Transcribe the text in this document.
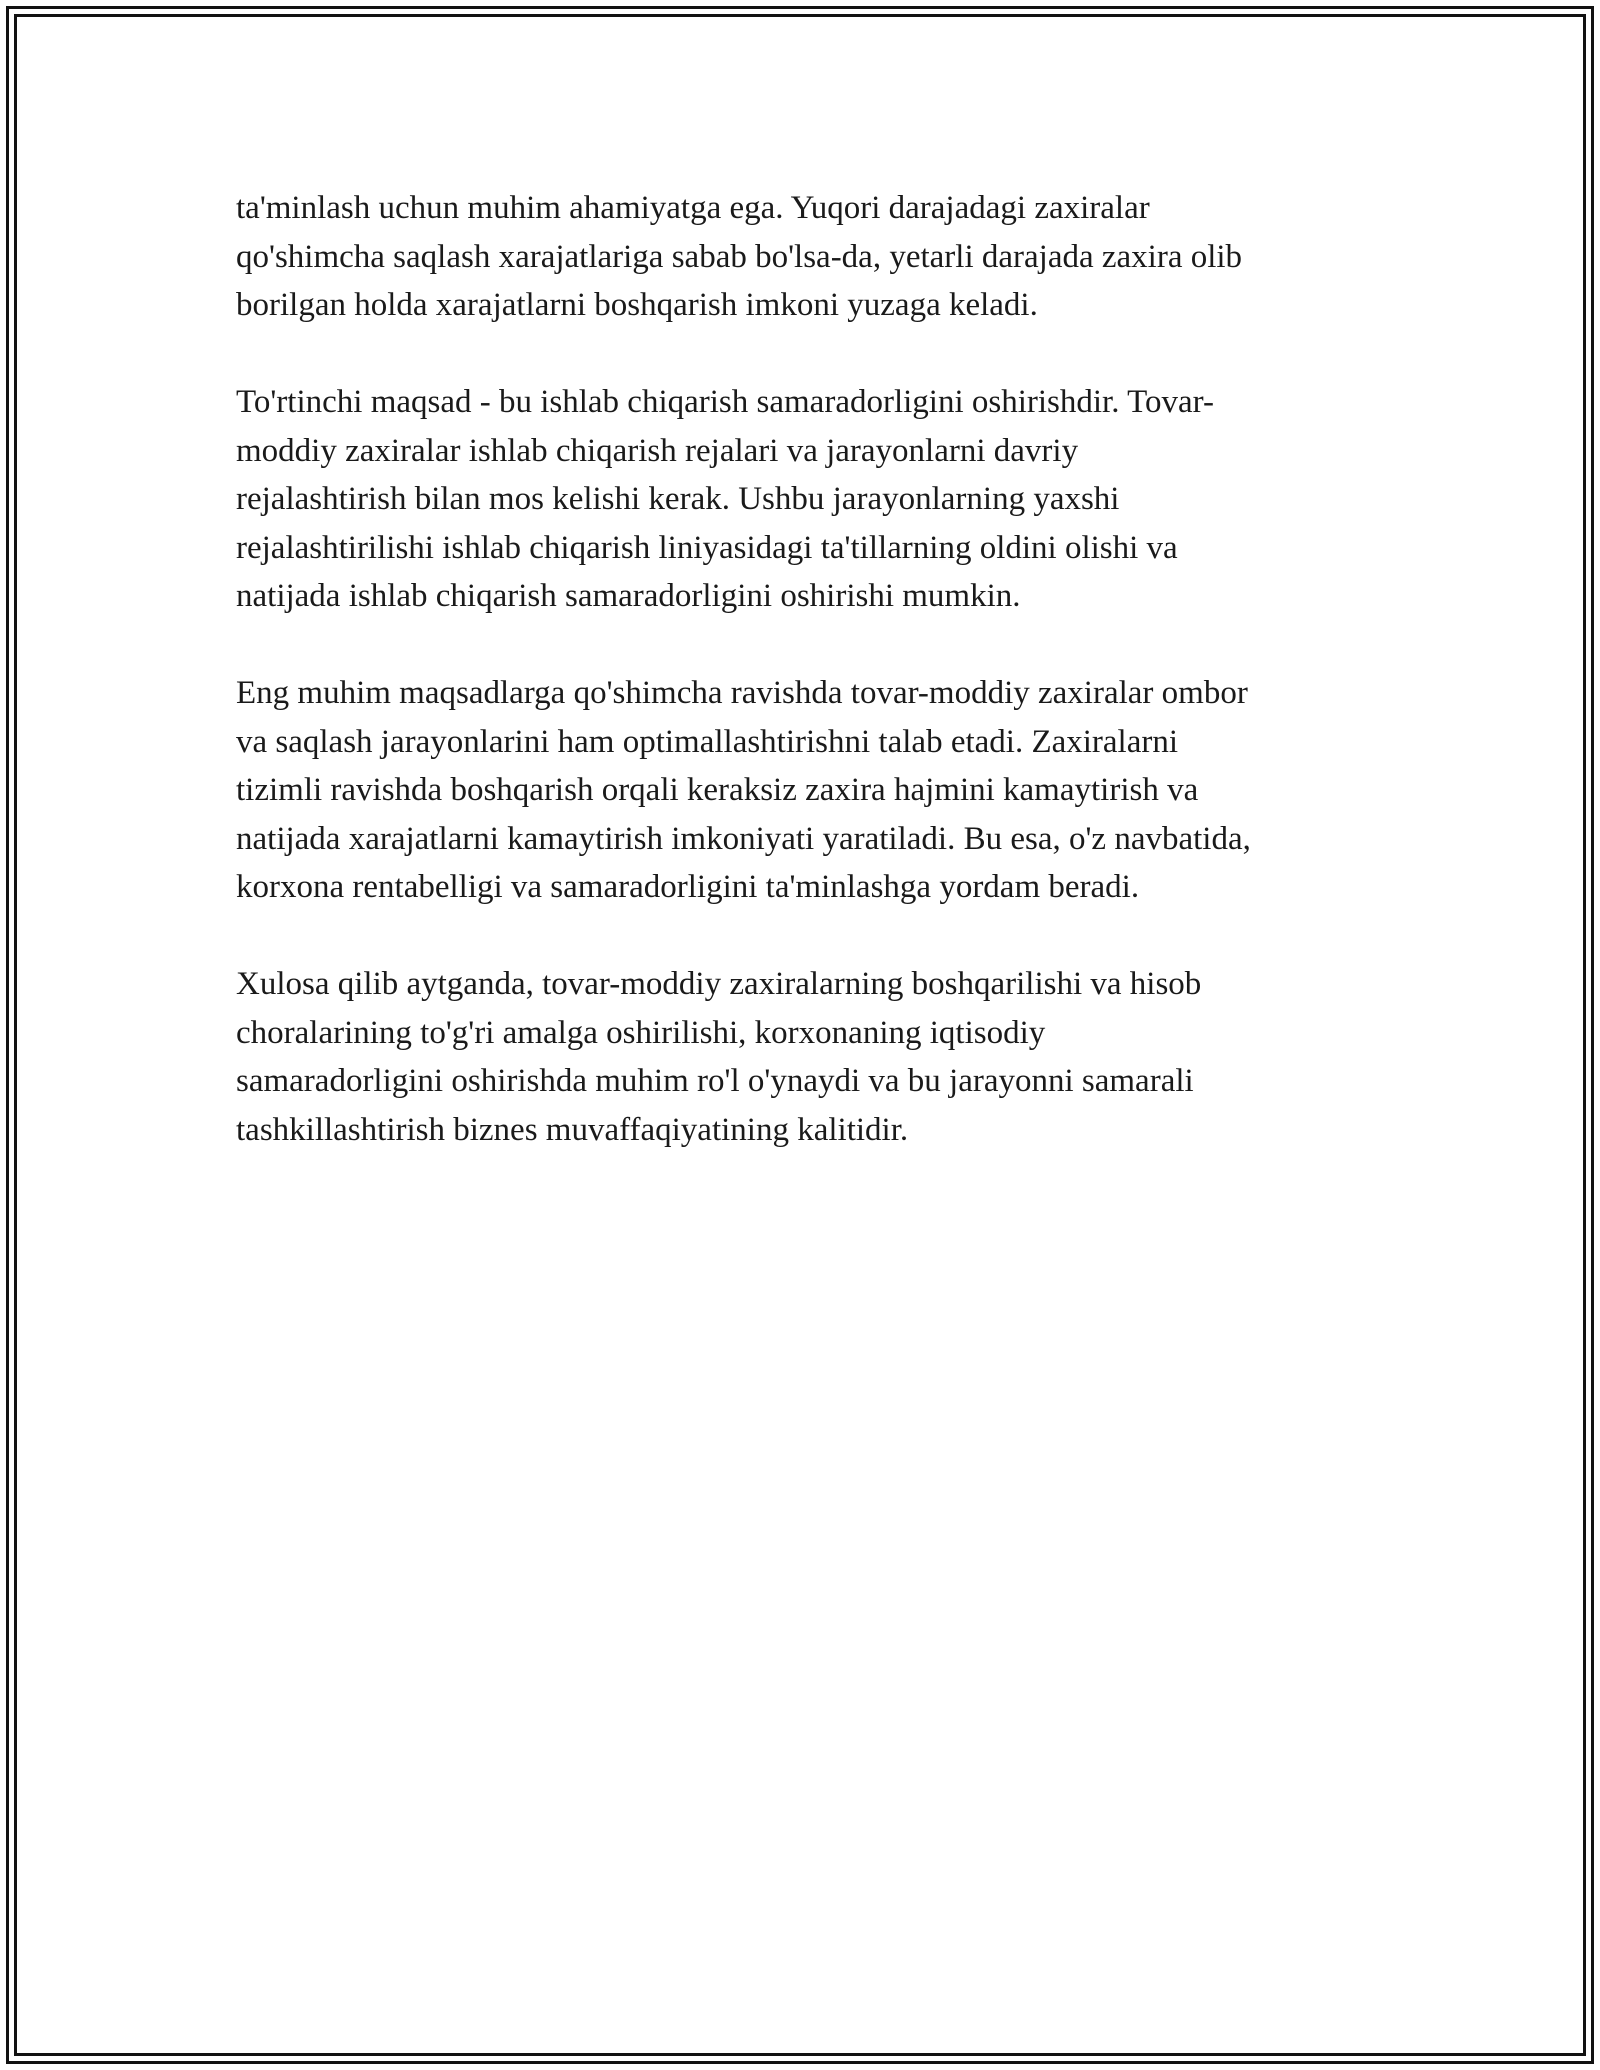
ta'minlash uchun muhim ahamiyatga ega. Yuqori darajadagi zaxiralar
qo'shimcha saqlash xarajatlariga sabab bo'lsa-da, yetarli darajada zaxira olib
borilgan holda xarajatlarni boshqarish imkoni yuzaga keladi.

To'rtinchi maqsad - bu ishlab chiqarish samaradorligini oshirishdir. Tovar-
moddiy zaxiralar ishlab chiqarish rejalari va jarayonlarni davriy
rejalashtirish bilan mos kelishi kerak. Ushbu jarayonlarning yaxshi
rejalashtirilishi ishlab chiqarish liniyasidagi ta'tillarning oldini olishi va
natijada ishlab chiqarish samaradorligini oshirishi mumkin.

Eng muhim maqsadlarga qo'shimcha ravishda tovar-moddiy zaxiralar ombor
va saqlash jarayonlarini ham optimallashtirishni talab etadi. Zaxiralarni
tizimli ravishda boshqarish orqali keraksiz zaxira hajmini kamaytirish va
natijada xarajatlarni kamaytirish imkoniyati yaratiladi. Bu esa, o'z navbatida,
korxona rentabelligi va samaradorligini ta'minlashga yordam beradi.

Xulosa qilib aytganda, tovar-moddiy zaxiralarning boshqarilishi va hisob
choralarining to'g'ri amalga oshirilishi, korxonaning iqtisodiy
samaradorligini oshirishda muhim ro'l o'ynaydi va bu jarayonni samarali
tashkillashtirish biznes muvaffaqiyatining kalitidir.
